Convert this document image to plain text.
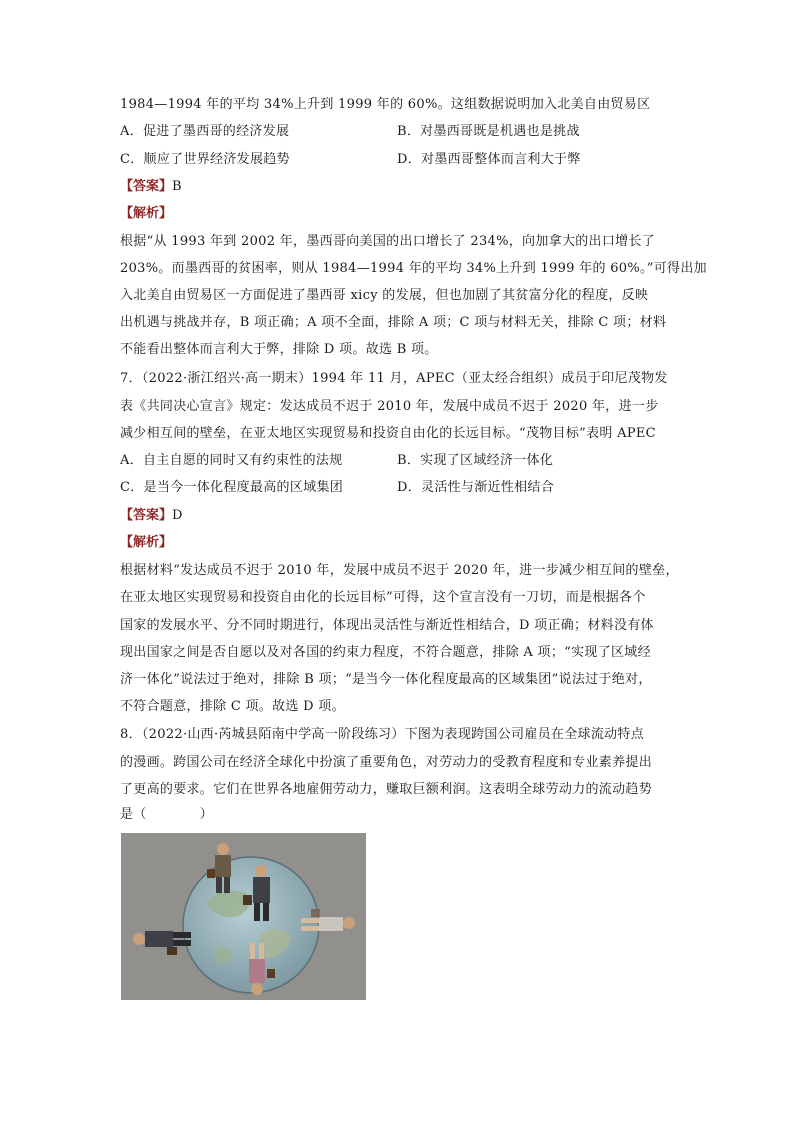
1984—1994 年的平均 34%上升到 1999 年的 60%。这组数据说明加入北美自由贸易区
A．促进了墨西哥的经济发展	B．对墨西哥既是机遇也是挑战
C．顺应了世界经济发展趋势	D．对墨西哥整体而言利大于弊
【答案】B
【解析】
根据“从 1993 年到 2002 年，墨西哥向美国的出口增长了 234%，向加拿大的出口增长了
203%。而墨西哥的贫困率，则从 1984—1994 年的平均 34%上升到 1999 年的 60%。”可得出加
入北美自由贸易区一方面促进了墨西哥 xicy 的发展，但也加剧了其贫富分化的程度，反映
出机遇与挑战并存，B 项正确；A 项不全面，排除 A 项；C 项与材料无关，排除 C 项；材料
不能看出整体而言利大于弊，排除 D 项。故选 B 项。
7．（2022·浙江绍兴·高一期末）1994 年 11 月，APEC（亚太经合组织）成员于印尼茂物发
表《共同决心宣言》规定：发达成员不迟于 2010 年，发展中成员不迟于 2020 年，进一步
减少相互间的壁垒，在亚太地区实现贸易和投资自由化的长远目标。“茂物目标”表明 APEC
A．自主自愿的同时又有约束性的法规	B．实现了区域经济一体化
C．是当今一体化程度最高的区域集团	D．灵活性与渐近性相结合
【答案】D
【解析】
根据材料“发达成员不迟于 2010 年，发展中成员不迟于 2020 年，进一步减少相互间的壁垒，
在亚太地区实现贸易和投资自由化的长远目标”可得，这个宣言没有一刀切，而是根据各个
国家的发展水平、分不同时期进行，体现出灵活性与渐近性相结合，D 项正确；材料没有体
现出国家之间是否自愿以及对各国的约束力程度，不符合题意，排除 A 项；“实现了区域经
济一体化”说法过于绝对，排除 B 项；“是当今一体化程度最高的区域集团”说法过于绝对，
不符合题意，排除 C 项。故选 D 项。
8．（2022·山西·芮城县陌南中学高一阶段练习）下图为表现跨国公司雇员在全球流动特点
的漫画。跨国公司在经济全球化中扮演了重要角色，对劳动力的受教育程度和专业素养提出
了更高的要求。它们在世界各地雇佣劳动力，赚取巨额利润。这表明全球劳动力的流动趋势
是（　　　　）
